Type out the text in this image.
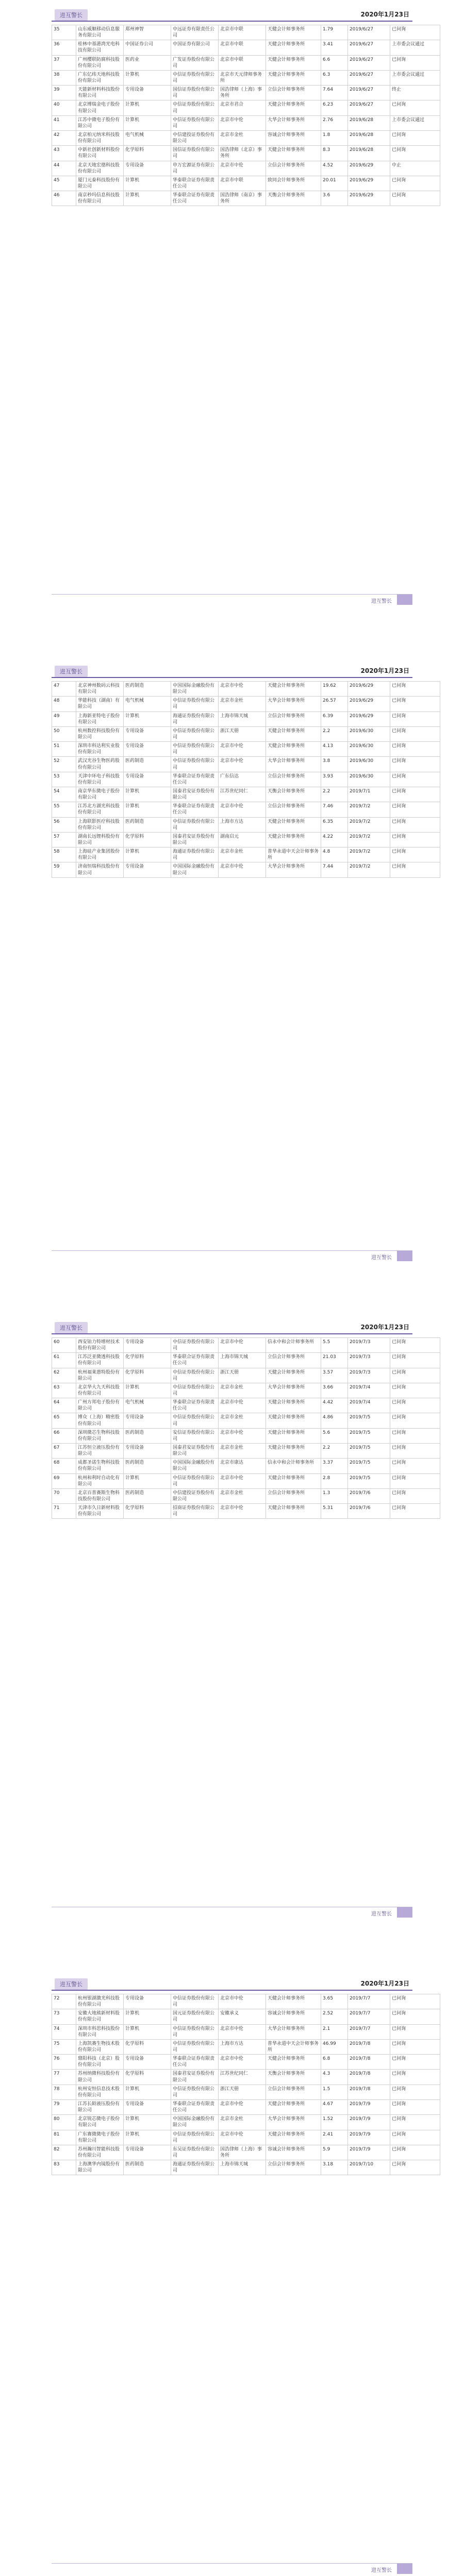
进互警长	2020年1月23日
35	山东威顺移动信息服务有限公司	郑州神智	中远证券有限责任公司	北京市中联	天健会计师事务所	1.79	2019/6/27	已问询
36	桂林中基港湾光电科技有限公司	中国证券公司	中国证券有限公司	北京市中联	天健会计师事务所	3.41	2019/6/27	上市委会议通过
37	广州樱联防腐科技股份有限公司	医药业	广发证券股份有限公司	北京市中联	天健会计师事务所	6.6	2019/6/27	已问询
38	广东亿纬天地科技股份有限公司	计算机	中信证券股份有限公司	北京市天元律师事务所	天健会计师事务所	6.3	2019/6/27	上市委会议通过
39	天能新材料科技股份有限公司	专用设备	国信证券股份有限公司	国浩律师（上海）事务所	立信会计师事务所	7.64	2019/6/27	终止
40	北京博瑞金电子股份有限公司	计算机	中信证券股份有限公司	北京市君合	天健会计师事务所	6.23	2019/6/27	已问询
41	江苏中微电子股份有限公司	计算机	中信证券股份有限公司	北京市中伦	大华会计师事务所	2.76	2019/6/28	上市委会议通过
42	北京柏元纳米科技股份有限公司	电气机械	中信建投证券股份有限公司	北京市金杜	容诚会计师事务所	1.8	2019/6/28	已问询
43	中新社创新材料股份有限公司	化学原料	国信证券股份有限公司	国浩律师（北京）事务所	天健会计师事务所	8.3	2019/6/28	已问询
44	北京天地宏德科技股份有限公司	专用设备	申万宏源证券有限公司	北京市中伦	立信会计师事务所	4.52	2019/6/29	中止
45	厦门元泰科技股份有限公司	计算机	华泰联合证券有限责任公司	北京市中联	致同会计师事务所	20.01	2019/6/29	已问询
46	南京秒玛信息科技股份有限公司	计算机	华泰联合证券有限责任公司	国浩律师（南京）事务所	天衡会计师事务所	3.6	2019/6/29	已问询
进互警长
进互警长	2020年1月23日
47	北京神州数码云科技有限公司	医药制造	中国国际金融股份有限公司	北京市中伦	天健会计师事务所	19.62	2019/6/29	已问询
48	华能科技（湖南）有限公司	电气机械	中信证券股份有限公司	北京市金杜	大华会计师事务所	26.57	2019/6/29	已问询
49	上海新亚特电子股份有限公司	计算机	海通证券股份有限公司	上海市锦天城	立信会计师事务所	6.39	2019/6/29	已问询
50	杭州数控科技股份有限公司	专用设备	中信证券股份有限公司	浙江天册	天健会计师事务所	2.2	2019/6/30	已问询
51	深圳市科达利实业股份有限公司	专用设备	中信证券股份有限公司	北京市中伦	天健会计师事务所	4.13	2019/6/30	已问询
52	武汉光谷生物医药股份有限公司	医药制造	中信证券股份有限公司	北京市中伦	大华会计师事务所	3.8	2019/6/30	已问询
53	天津中环电子科技股份有限公司	专用设备	华泰联合证券有限责任公司	广东信达	立信会计师事务所	3.93	2019/6/30	已问询
54	南京华东微电子股份有限公司	计算机	国泰君安证券股份有限公司	江苏世纪同仁	天衡会计师事务所	2.2	2019/7/1	已问询
55	江苏北方湖光科技股份有限公司	计算机	华泰联合证券有限责任公司	北京市中伦	立信会计师事务所	7.46	2019/7/2	已问询
56	上海联影医疗科技股份有限公司	医药制造	中信证券股份有限公司	上海市方达	天健会计师事务所	6.35	2019/7/2	已问询
57	湖南长远锂科股份有限公司	化学原料	国泰君安证券股份有限公司	湖南启元	天健会计师事务所	4.22	2019/7/2	已问询
58	上海硅产业集团股份有限公司	计算机	海通证券股份有限公司	北京市金杜	普华永道中天会计师事务所	4.8	2019/7/2	已问询
59	济南恒瑞科技股份有限公司	专用设备	中国国际金融股份有限公司	北京市中伦	大华会计师事务所	7.44	2019/7/2	已问询
进互警长
进互警长	2020年1月23日
60	西安铂力特增材技术股份有限公司	专用设备	中信证券股份有限公司	北京市中伦	信永中和会计师事务所	5.5	2019/7/3	已问询
61	江苏泛亚微透科技股份有限公司	化学原料	华泰联合证券有限责任公司	上海市锦天城	立信会计师事务所	21.03	2019/7/3	已问询
62	杭州福莱蒽特股份有限公司	化学原料	中信证券股份有限公司	浙江天册	天健会计师事务所	3.57	2019/7/3	已问询
63	北京华大九天科技股份有限公司	计算机	中信证券股份有限公司	北京市金杜	大华会计师事务所	3.66	2019/7/4	已问询
64	广州方邦电子股份有限公司	电气机械	华泰联合证券有限责任公司	北京市中伦	天健会计师事务所	4.42	2019/7/4	已问询
65	博众（上海）精密股份有限公司	专用设备	中信证券股份有限公司	北京市金杜	天健会计师事务所	4.86	2019/7/5	已问询
66	深圳微芯生物科技股份有限公司	医药制造	安信证券股份有限公司	北京市中伦	天健会计师事务所	5.6	2019/7/5	已问询
67	江苏恒立液压股份有限公司	专用设备	国泰君安证券股份有限公司	北京市金杜	天健会计师事务所	2.2	2019/7/5	已问询
68	成都圣诺生物科技股份有限公司	医药制造	中国国际金融股份有限公司	北京市康达	信永中和会计师事务所	3.37	2019/7/5	已问询
69	杭州和利时自动化有限公司	计算机	中信证券股份有限公司	北京市中伦	天健会计师事务所	2.8	2019/7/5	已问询
70	北京百普赛斯生物科技股份有限公司	医药制造	中信建投证券股份有限公司	北京市金杜	立信会计师事务所	1.3	2019/7/6	已问询
71	天津市久日新材料股份有限公司	化学原料	招商证券股份有限公司	北京市中伦	天健会计师事务所	5.31	2019/7/6	已问询
进互警长
进互警长	2020年1月23日
72	杭州银湖激光科技股份有限公司	专用设备	中信证券股份有限公司	北京市中伦	天健会计师事务所	3.65	2019/7/7	已问询
73	安徽大地熊新材料股份有限公司	计算机	国元证券股份有限公司	安徽承义	容诚会计师事务所	2.52	2019/7/7	已问询
74	深圳市科思科技股份有限公司	计算机	中信证券股份有限公司	北京市中伦	大华会计师事务所	2.1	2019/7/7	已问询
75	上海凯赛生物技术股份有限公司	化学原料	中信证券股份有限公司	上海市方达	普华永道中天会计师事务所	46.99	2019/7/8	已问询
76	鼎阳科技（北京）股份有限公司	专用设备	华泰联合证券有限责任公司	北京市中伦	天健会计师事务所	6.8	2019/7/8	已问询
77	苏州纳微科技股份有限公司	化学原料	国泰君安证券股份有限公司	江苏世纪同仁	天衡会计师事务所	4.3	2019/7/8	已问询
78	杭州安恒信息技术股份有限公司	计算机	中信证券股份有限公司	浙江天册	立信会计师事务所	1.5	2019/7/8	已问询
79	江苏长龄液压股份有限公司	专用设备	华泰联合证券有限责任公司	北京市中伦	天健会计师事务所	4.67	2019/7/9	已问询
80	北京锐芯微电子股份有限公司	计算机	中国国际金融股份有限公司	北京市金杜	大华会计师事务所	1.52	2019/7/9	已问询
81	广东赛微微电子股份有限公司	计算机	中信证券股份有限公司	北京市中伦	天健会计师事务所	2.41	2019/7/9	已问询
82	苏州瀚川智能科技股份有限公司	专用设备	东吴证券股份有限公司	国浩律师（上海）事务所	容诚会计师事务所	5.9	2019/7/9	已问询
83	上海澳华内镜股份有限公司	医药制造	海通证券股份有限公司	上海市锦天城	立信会计师事务所	3.18	2019/7/10	已问询
进互警长
